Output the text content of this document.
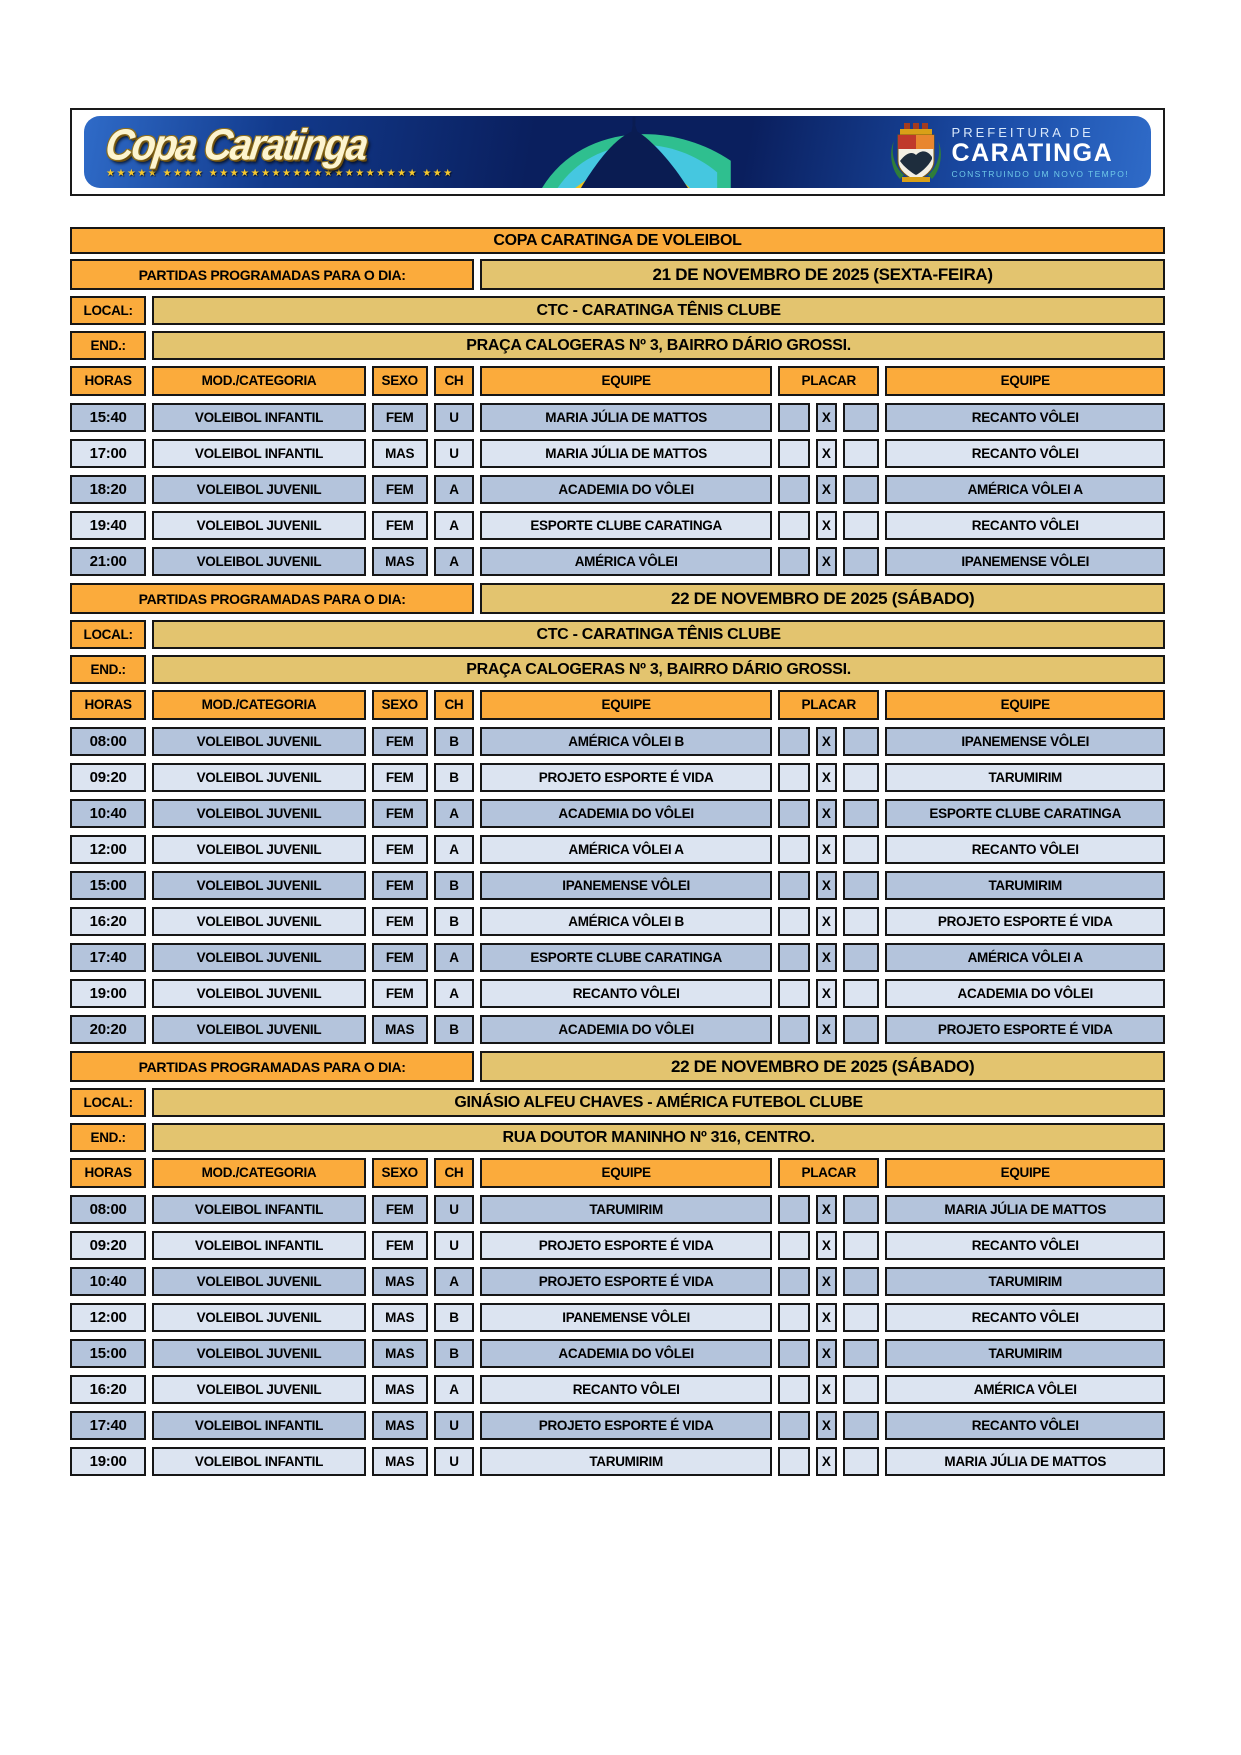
Copa Caratinga
★★★★★ ★★★★ ★★★★★★★★★★★★★★★★★★★★ ★★★
PREFEITURA DE
CARATINGA
CONSTRUINDO UM NOVO TEMPO!
COPA CARATINGA DE VOLEIBOL
PARTIDAS PROGRAMADAS PARA O DIA:	21 DE NOVEMBRO DE 2025 (SEXTA-FEIRA)
LOCAL:	CTC - CARATINGA TÊNIS CLUBE
END.:	PRAÇA CALOGERAS Nº 3, BAIRRO DÁRIO GROSSI.
HORAS	MOD./CATEGORIA	SEXO	CH	EQUIPE	PLACAR	EQUIPE
15:40	VOLEIBOL INFANTIL	FEM	U	MARIA JÚLIA DE MATTOS	X	RECANTO VÔLEI
17:00	VOLEIBOL INFANTIL	MAS	U	MARIA JÚLIA DE MATTOS	X	RECANTO VÔLEI
18:20	VOLEIBOL JUVENIL	FEM	A	ACADEMIA DO VÔLEI	X	AMÉRICA VÔLEI A
19:40	VOLEIBOL JUVENIL	FEM	A	ESPORTE CLUBE CARATINGA	X	RECANTO VÔLEI
21:00	VOLEIBOL JUVENIL	MAS	A	AMÉRICA VÔLEI	X	IPANEMENSE VÔLEI
PARTIDAS PROGRAMADAS PARA O DIA:	22 DE NOVEMBRO DE 2025 (SÁBADO)
LOCAL:	CTC - CARATINGA TÊNIS CLUBE
END.:	PRAÇA CALOGERAS Nº 3, BAIRRO DÁRIO GROSSI.
HORAS	MOD./CATEGORIA	SEXO	CH	EQUIPE	PLACAR	EQUIPE
08:00	VOLEIBOL JUVENIL	FEM	B	AMÉRICA VÔLEI B	X	IPANEMENSE VÔLEI
09:20	VOLEIBOL JUVENIL	FEM	B	PROJETO ESPORTE É VIDA	X	TARUMIRIM
10:40	VOLEIBOL JUVENIL	FEM	A	ACADEMIA DO VÔLEI	X	ESPORTE CLUBE CARATINGA
12:00	VOLEIBOL JUVENIL	FEM	A	AMÉRICA VÔLEI A	X	RECANTO VÔLEI
15:00	VOLEIBOL JUVENIL	FEM	B	IPANEMENSE VÔLEI	X	TARUMIRIM
16:20	VOLEIBOL JUVENIL	FEM	B	AMÉRICA VÔLEI B	X	PROJETO ESPORTE É VIDA
17:40	VOLEIBOL JUVENIL	FEM	A	ESPORTE CLUBE CARATINGA	X	AMÉRICA VÔLEI A
19:00	VOLEIBOL JUVENIL	FEM	A	RECANTO VÔLEI	X	ACADEMIA DO VÔLEI
20:20	VOLEIBOL JUVENIL	MAS	B	ACADEMIA DO VÔLEI	X	PROJETO ESPORTE É VIDA
PARTIDAS PROGRAMADAS PARA O DIA:	22 DE NOVEMBRO DE 2025 (SÁBADO)
LOCAL:	GINÁSIO ALFEU CHAVES - AMÉRICA FUTEBOL CLUBE
END.:	RUA DOUTOR MANINHO Nº 316, CENTRO.
HORAS	MOD./CATEGORIA	SEXO	CH	EQUIPE	PLACAR	EQUIPE
08:00	VOLEIBOL INFANTIL	FEM	U	TARUMIRIM	X	MARIA JÚLIA DE MATTOS
09:20	VOLEIBOL INFANTIL	FEM	U	PROJETO ESPORTE É VIDA	X	RECANTO VÔLEI
10:40	VOLEIBOL JUVENIL	MAS	A	PROJETO ESPORTE É VIDA	X	TARUMIRIM
12:00	VOLEIBOL JUVENIL	MAS	B	IPANEMENSE VÔLEI	X	RECANTO VÔLEI
15:00	VOLEIBOL JUVENIL	MAS	B	ACADEMIA DO VÔLEI	X	TARUMIRIM
16:20	VOLEIBOL JUVENIL	MAS	A	RECANTO VÔLEI	X	AMÉRICA VÔLEI
17:40	VOLEIBOL INFANTIL	MAS	U	PROJETO ESPORTE É VIDA	X	RECANTO VÔLEI
19:00	VOLEIBOL INFANTIL	MAS	U	TARUMIRIM	X	MARIA JÚLIA DE MATTOS
